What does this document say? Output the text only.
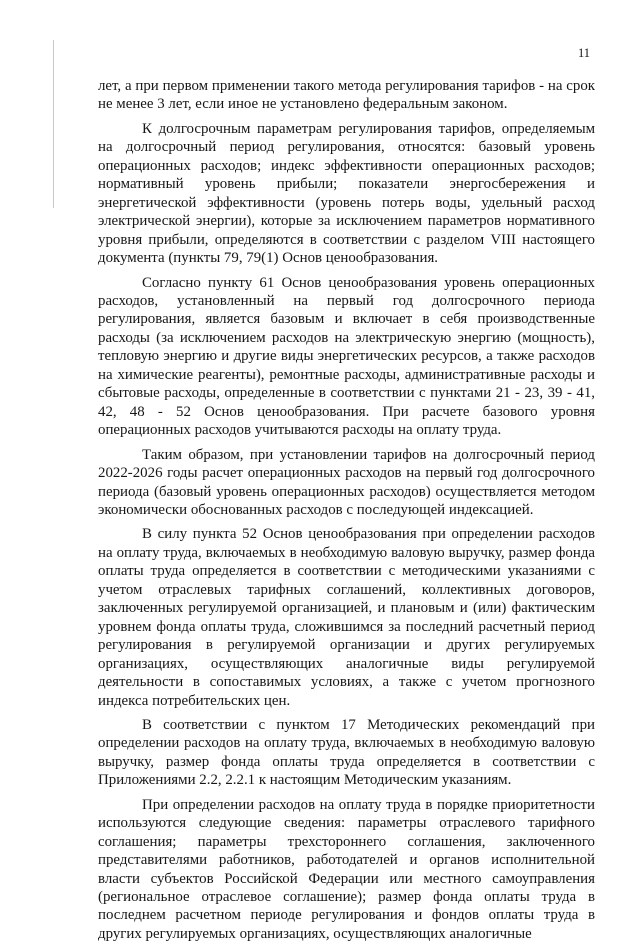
11

лет, а при первом применении такого метода регулирования тарифов - на срок не менее 3 лет, если иное не установлено федеральным законом.

К долгосрочным параметрам регулирования тарифов, определяемым на долгосрочный период регулирования, относятся: базовый уровень операционных расходов; индекс эффективности операционных расходов; нормативный уровень прибыли; показатели энергосбережения и энергетической эффективности (уровень потерь воды, удельный расход электрической энергии), которые за исключением параметров нормативного уровня прибыли, определяются в соответствии с разделом VIII настоящего документа (пункты 79, 79(1) Основ ценообразования.

Согласно пункту 61 Основ ценообразования уровень операционных расходов, установленный на первый год долгосрочного периода регулирования, является базовым и включает в себя производственные расходы (за исключением расходов на электрическую энергию (мощность), тепловую энергию и другие виды энергетических ресурсов, а также расходов на химические реагенты), ремонтные расходы, административные расходы и сбытовые расходы, определенные в соответствии с пунктами 21 - 23, 39 - 41, 42, 48 - 52 Основ ценообразования. При расчете базового уровня операционных расходов учитываются расходы на оплату труда.

Таким образом, при установлении тарифов на долгосрочный период 2022-2026 годы расчет операционных расходов на первый год долгосрочного периода (базовый уровень операционных расходов) осуществляется методом экономически обоснованных расходов с последующей индексацией.

В силу пункта 52 Основ ценообразования при определении расходов на оплату труда, включаемых в необходимую валовую выручку, размер фонда оплаты труда определяется в соответствии с методическими указаниями с учетом отраслевых тарифных соглашений, коллективных договоров, заключенных регулируемой организацией, и плановым и (или) фактическим уровнем фонда оплаты труда, сложившимся за последний расчетный период регулирования в регулируемой организации и других регулируемых организациях, осуществляющих аналогичные виды регулируемой деятельности в сопоставимых условиях, а также с учетом прогнозного индекса потребительских цен.

В соответствии с пунктом 17 Методических рекомендаций при определении расходов на оплату труда, включаемых в необходимую валовую выручку, размер фонда оплаты труда определяется в соответствии с Приложениями 2.2, 2.2.1 к настоящим Методическим указаниям.

При определении расходов на оплату труда в порядке приоритетности используются следующие сведения: параметры отраслевого тарифного соглашения; параметры трехстороннего соглашения, заключенного представителями работников, работодателей и органов исполнительной власти субъектов Российской Федерации или местного самоуправления (региональное отраслевое соглашение); размер фонда оплаты труда в последнем расчетном периоде регулирования и фондов оплаты труда в других регулируемых организациях, осуществляющих аналогичные
